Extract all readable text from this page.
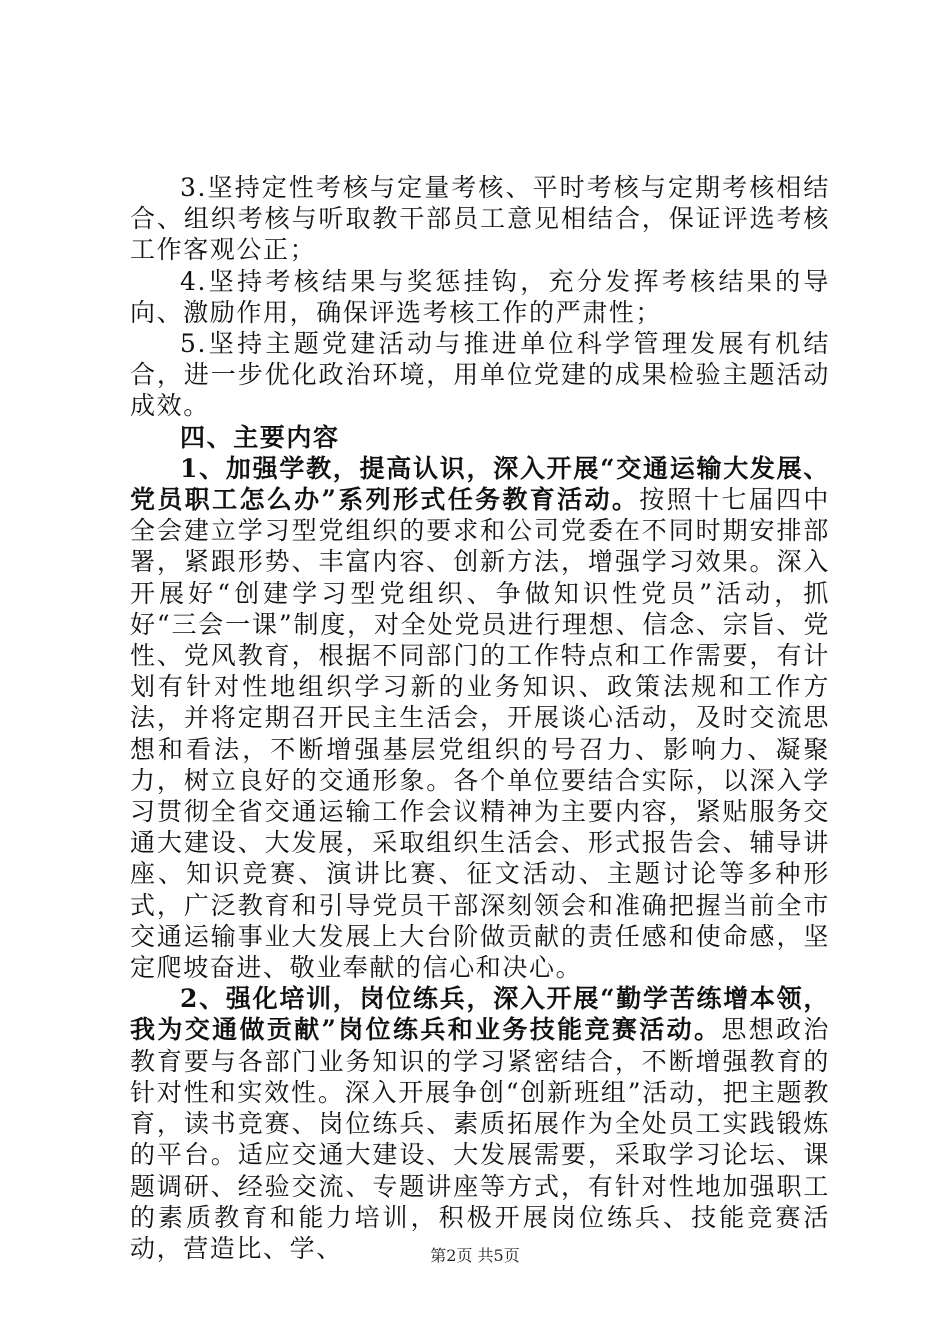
3.坚持定性考核与定量考核、平时考核与定期考核相结合、组织考核与听取教干部员工意见相结合，保证评选考核工作客观公正；

4.坚持考核结果与奖惩挂钩，充分发挥考核结果的导向、激励作用，确保评选考核工作的严肃性；

5.坚持主题党建活动与推进单位科学管理发展有机结合，进一步优化政治环境，用单位党建的成果检验主题活动成效。

四、主要内容

1、加强学教，提高认识，深入开展“交通运输大发展、党员职工怎么办”系列形式任务教育活动。按照十七届四中全会建立学习型党组织的要求和公司党委在不同时期安排部署，紧跟形势、丰富内容、创新方法，增强学习效果。深入开展好“创建学习型党组织、争做知识性党员”活动，抓好“三会一课”制度，对全处党员进行理想、信念、宗旨、党性、党风教育，根据不同部门的工作特点和工作需要，有计划有针对性地组织学习新的业务知识、政策法规和工作方法，并将定期召开民主生活会，开展谈心活动，及时交流思想和看法，不断增强基层党组织的号召力、影响力、凝聚力，树立良好的交通形象。各个单位要结合实际，以深入学习贯彻全省交通运输工作会议精神为主要内容，紧贴服务交通大建设、大发展，采取组织生活会、形式报告会、辅导讲座、知识竞赛、演讲比赛、征文活动、主题讨论等多种形式，广泛教育和引导党员干部深刻领会和准确把握当前全市交通运输事业大发展上大台阶做贡献的责任感和使命感，坚定爬坡奋进、敬业奉献的信心和决心。

2、强化培训，岗位练兵，深入开展“勤学苦练增本领，我为交通做贡献”岗位练兵和业务技能竞赛活动。思想政治教育要与各部门业务知识的学习紧密结合，不断增强教育的针对性和实效性。深入开展争创“创新班组”活动，把主题教育，读书竞赛、岗位练兵、素质拓展作为全处员工实践锻炼的平台。适应交通大建设、大发展需要，采取学习论坛、课题调研、经验交流、专题讲座等方式，有针对性地加强职工的素质教育和能力培训，积极开展岗位练兵、技能竞赛活动，营造比、学、	第2页 共5页
